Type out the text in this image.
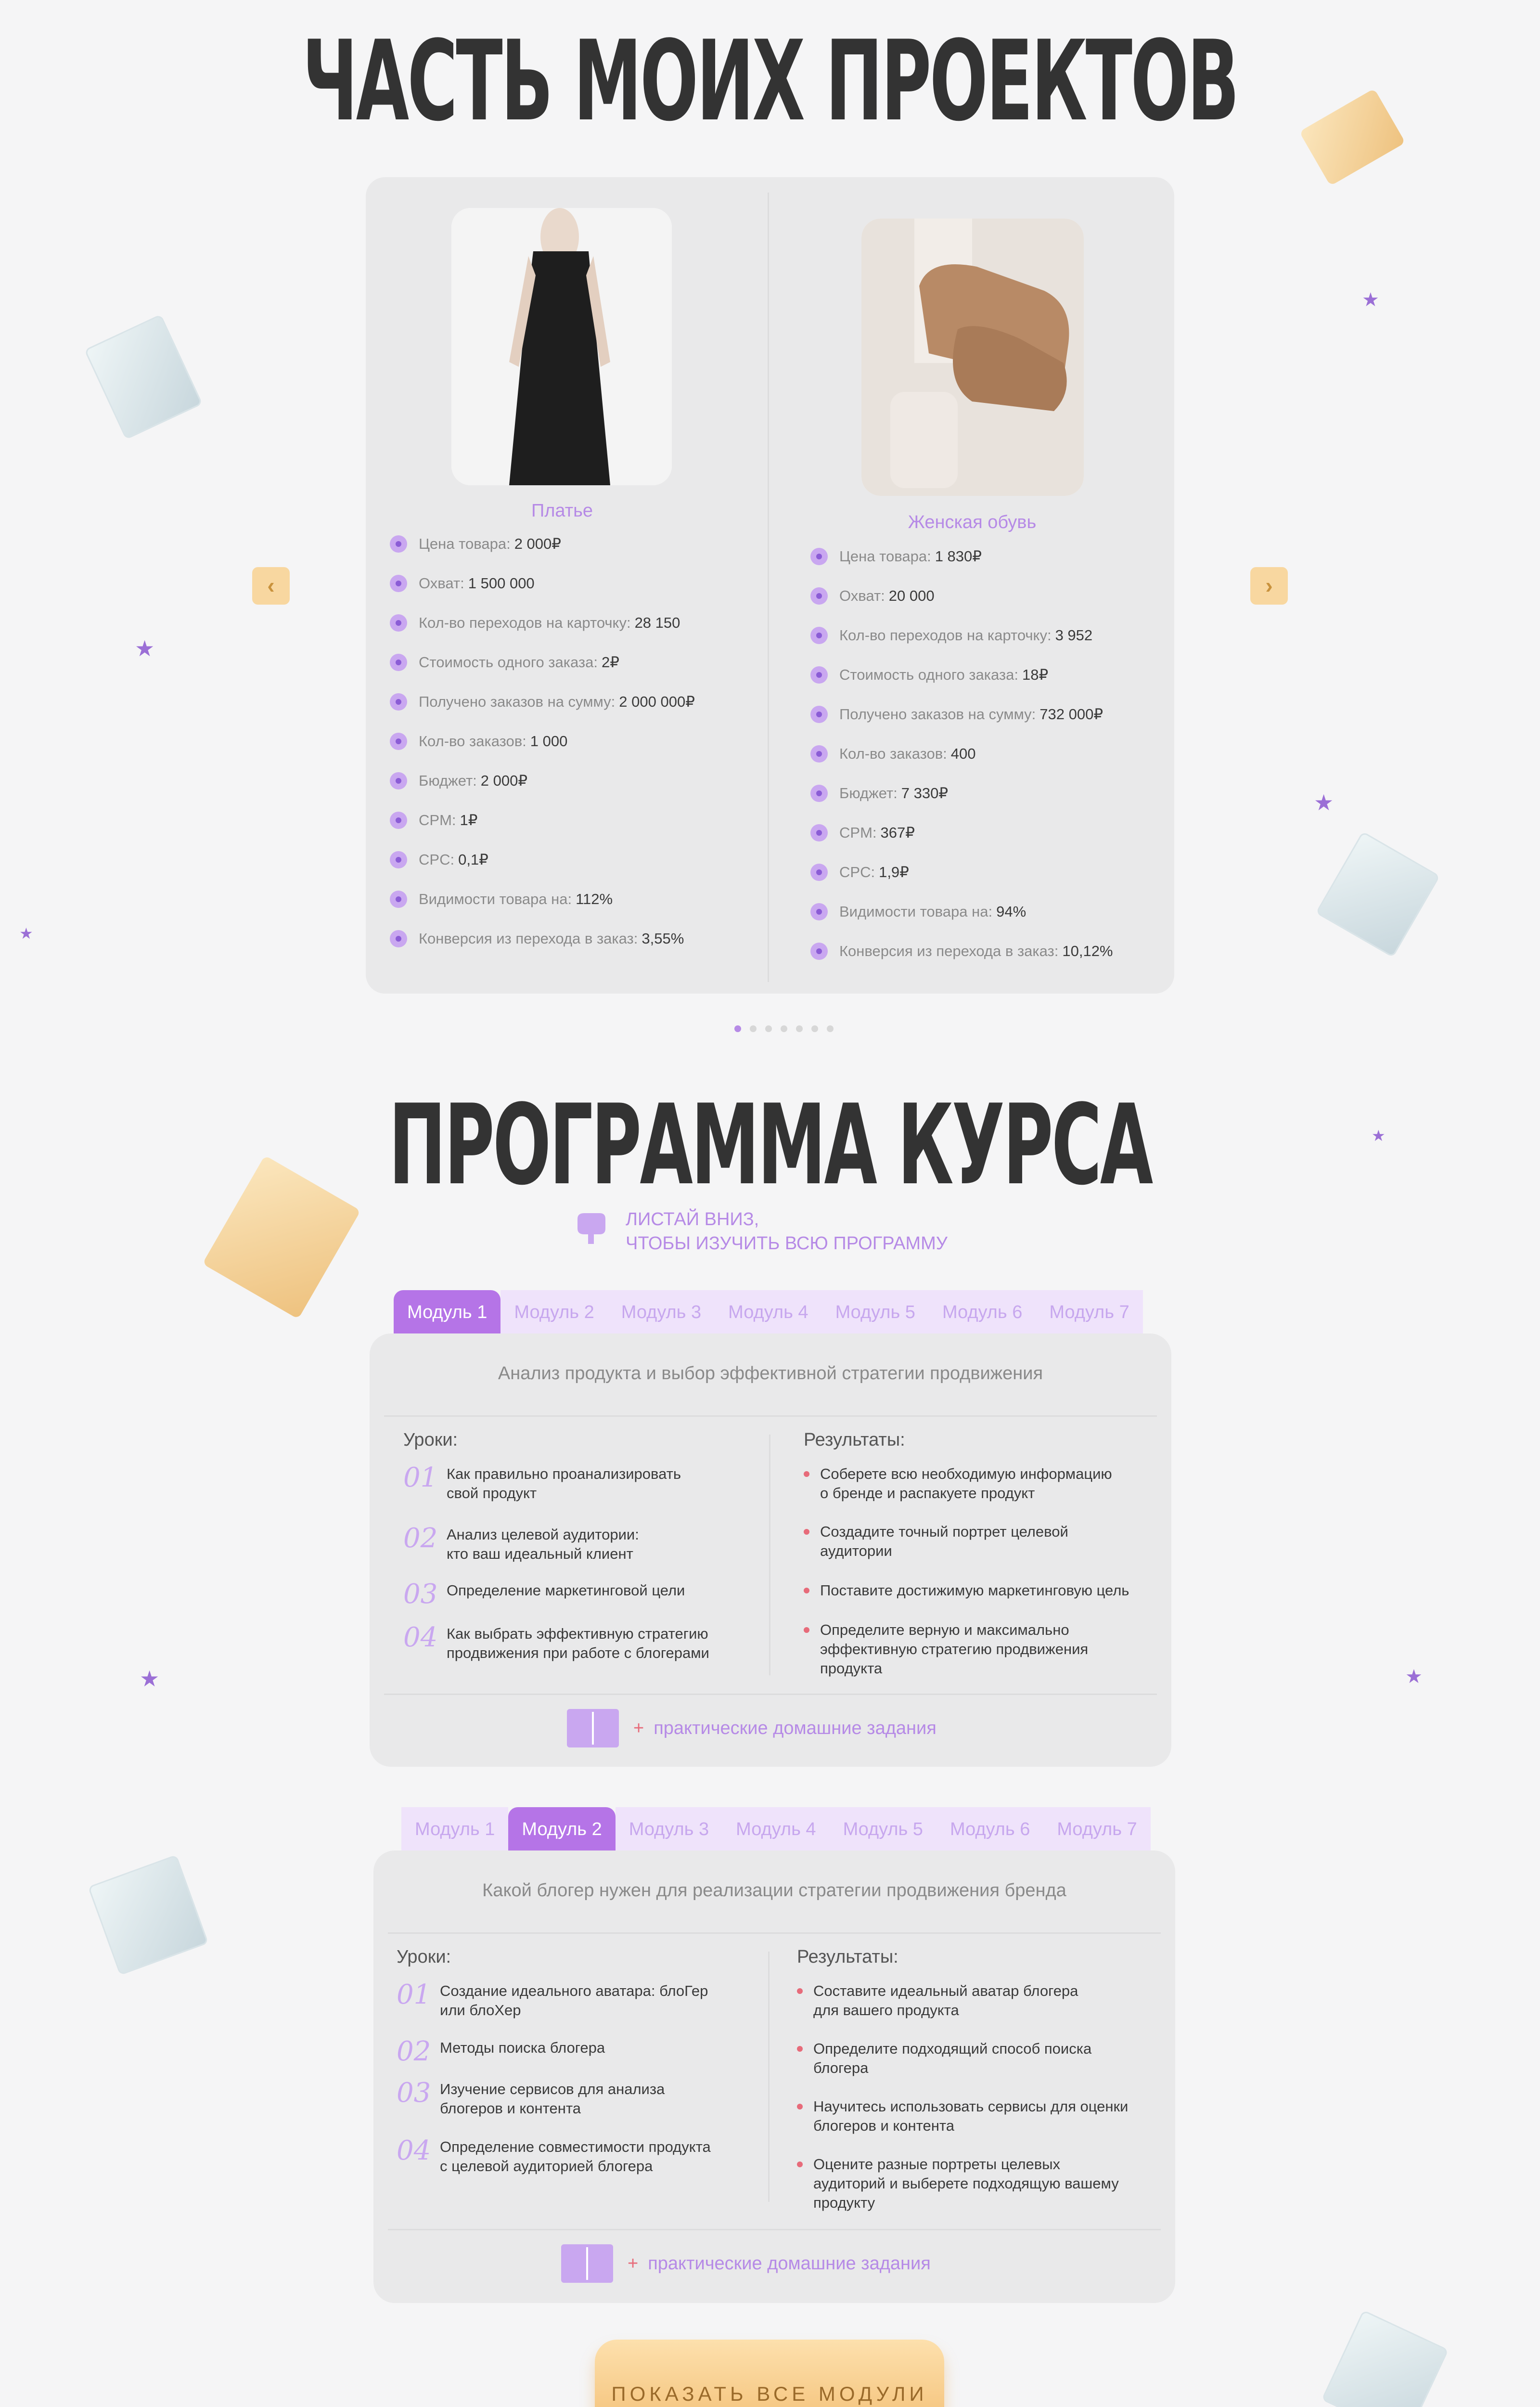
ЧАСТЬ МОИХ ПРОЕКТОВ
Платье
Женская обувь
Цена товара: 2 000₽
Охват: 1 500 000
Кол-во переходов на карточку: 28 150
Стоимость одного заказа: 2₽
Получено заказов на сумму: 2 000 000₽
Кол-во заказов: 1 000
Бюджет: 2 000₽
CPM: 1₽
CPC: 0,1₽
Видимости товара на: 112%
Конверсия из перехода в заказ: 3,55%
Цена товара: 1 830₽
Охват: 20 000
Кол-во переходов на карточку: 3 952
Стоимость одного заказа: 18₽
Получено заказов на сумму: 732 000₽
Кол-во заказов: 400
Бюджет: 7 330₽
CPM: 367₽
CPC: 1,9₽
Видимости товара на: 94%
Конверсия из перехода в заказ: 10,12%
‹	›
ПРОГРАММА КУРСА
ЛИСТАЙ ВНИЗ,
ЧТОБЫ ИЗУЧИТЬ ВСЮ ПРОГРАММУ
Модуль 1	Модуль 2	Модуль 3	Модуль 4	Модуль 5	Модуль 6	Модуль 7
Анализ продукта и выбор эффективной стратегии продвижения
Уроки:	Результаты:
01 Как правильно проанализировать
свой продукт
02 Анализ целевой аудитории:
кто ваш идеальный клиент
03 Определение маркетинговой цели
04 Как выбрать эффективную стратегию
продвижения при работе с блогерами
Соберете всю необходимую информацию
о бренде и распакуете продукт
Создадите точный портрет целевой
аудитории
Поставите достижимую маркетинговую цель
Определите верную и максимально
эффективную стратегию продвижения
продукта
+ практические домашние задания
Модуль 1	Модуль 2	Модуль 3	Модуль 4	Модуль 5	Модуль 6	Модуль 7
Какой блогер нужен для реализации стратегии продвижения бренда
Уроки:	Результаты:
01 Создание идеального аватара: блоГер
или блоХер
02 Методы поиска блогера
03 Изучение сервисов для анализа
блогеров и контента
04 Определение совместимости продукта
с целевой аудиторией блогера
Составите идеальный аватар блогера
для вашего продукта
Определите подходящий способ поиска
блогера
Научитесь использовать сервисы для оценки
блогеров и контента
Оцените разные портреты целевых
аудиторий и выберете подходящую вашему
продукту
+ практические домашние задания
ПОКАЗАТЬ ВСЕ МОДУЛИ
★
★
★
★	★
★
★
